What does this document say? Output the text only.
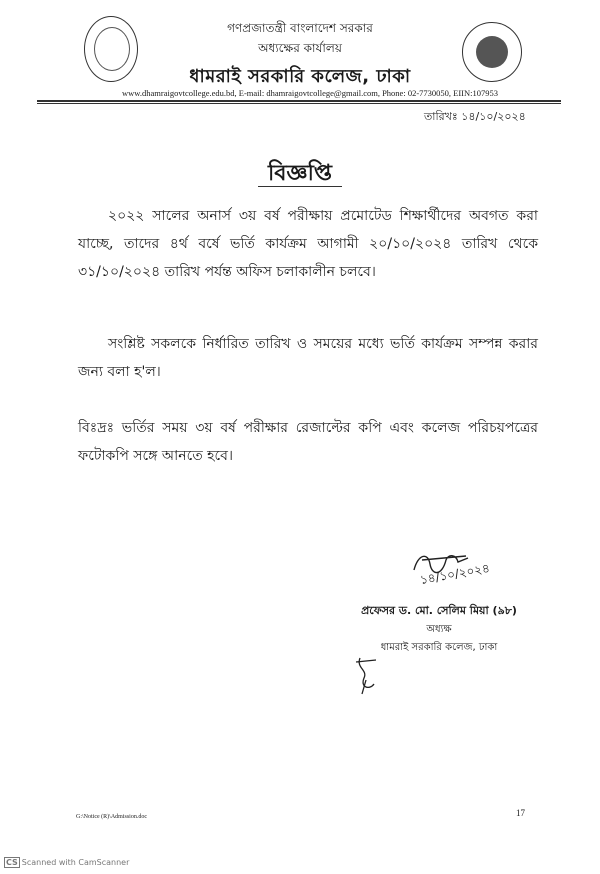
গণপ্রজাতন্ত্রী বাংলাদেশ সরকার
অধ্যক্ষের কার্যালয়
ধামরাই সরকারি কলেজ, ঢাকা
www.dhamraigovtcollege.edu.bd, E-mail: dhamraigovtcollege@gmail.com, Phone: 02-7730050, EIIN:107953
তারিখঃ ১৪/১০/২০২৪
বিজ্ঞপ্তি
২০২২ সালের অনার্স ৩য় বর্ষ পরীক্ষায় প্রমোটেড শিক্ষার্থীদের অবগত করা যাচ্ছে, তাদের ৪র্থ বর্ষে ভর্তি কার্যক্রম আগামী ২০/১০/২০২৪ তারিখ থেকে ৩১/১০/২০২৪ তারিখ পর্যন্ত অফিস চলাকালীন চলবে।
সংশ্লিষ্ট সকলকে নির্ধারিত তারিখ ও সময়ের মধ্যে ভর্তি কার্যক্রম সম্পন্ন করার জন্য বলা হ'ল।
বিঃদ্রঃ ভর্তির সময় ৩য় বর্ষ পরীক্ষার রেজাল্টের কপি এবং কলেজ পরিচয়পত্রের ফটোকপি সঙ্গে আনতে হবে।
১৪/১০/২০২৪
প্রফেসর ড. মো. সেলিম মিয়া (৯৮)
অধ্যক্ষ
ধামরাই সরকারি কলেজ, ঢাকা
G:\Notice (R)\Admission.doc	17
CS Scanned with CamScanner
